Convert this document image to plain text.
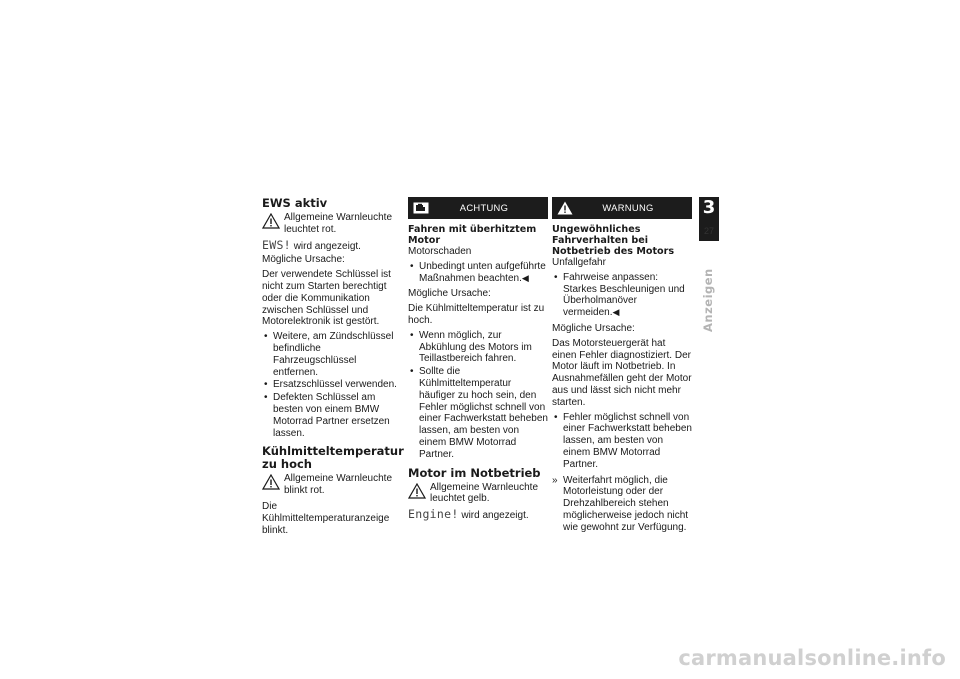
EWS aktiv
Allgemeine Warnleuchte leuchtet rot.
EWS! wird angezeigt.

Mögliche Ursache:

Der verwendete Schlüssel ist nicht zum Starten berechtigt oder die Kommunikation zwischen Schlüssel und Motorelektronik ist gestört.

• Weitere, am Zündschlüssel befindliche Fahrzeugschlüssel entfernen.
• Ersatzschlüssel verwenden.
• Defekten Schlüssel am besten von einem BMW Motorrad Partner ersetzen lassen.
Kühlmitteltemperatur zu hoch
Allgemeine Warnleuchte blinkt rot.

Die Kühlmitteltemperaturanzeige blinkt.

ACHTUNG
Fahren mit überhitztem Motor

Motorschaden

• Unbedingt unten aufgeführte Maßnahmen beachten.◀

Mögliche Ursache:

Die Kühlmitteltemperatur ist zu hoch.

• Wenn möglich, zur Abkühlung des Motors im Teillastbereich fahren.
• Sollte die Kühlmitteltemperatur häufiger zu hoch sein, den Fehler möglichst schnell von einer Fachwerkstatt beheben lassen, am besten von einem BMW Motorrad Partner.
Motor im Notbetrieb
Allgemeine Warnleuchte leuchtet gelb.
Engine! wird angezeigt.
WARNUNG
Ungewöhnliches Fahrverhalten bei Notbetrieb des Motors

Unfallgefahr

• Fahrweise anpassen: Starkes Beschleunigen und Überholmanöver vermeiden.◀

Mögliche Ursache:

Das Motorsteuergerät hat einen Fehler diagnostiziert. Der Motor läuft im Notbetrieb. In Ausnahmefällen geht der Motor aus und lässt sich nicht mehr starten.

• Fehler möglichst schnell von einer Fachwerkstatt beheben lassen, am besten von einem BMW Motorrad Partner.
» Weiterfahrt möglich, die Motorleistung oder der Drehzahlbereich stehen möglicherweise jedoch nicht wie gewohnt zur Verfügung.
3
27
Anzeigen
carmanualsonline.info
